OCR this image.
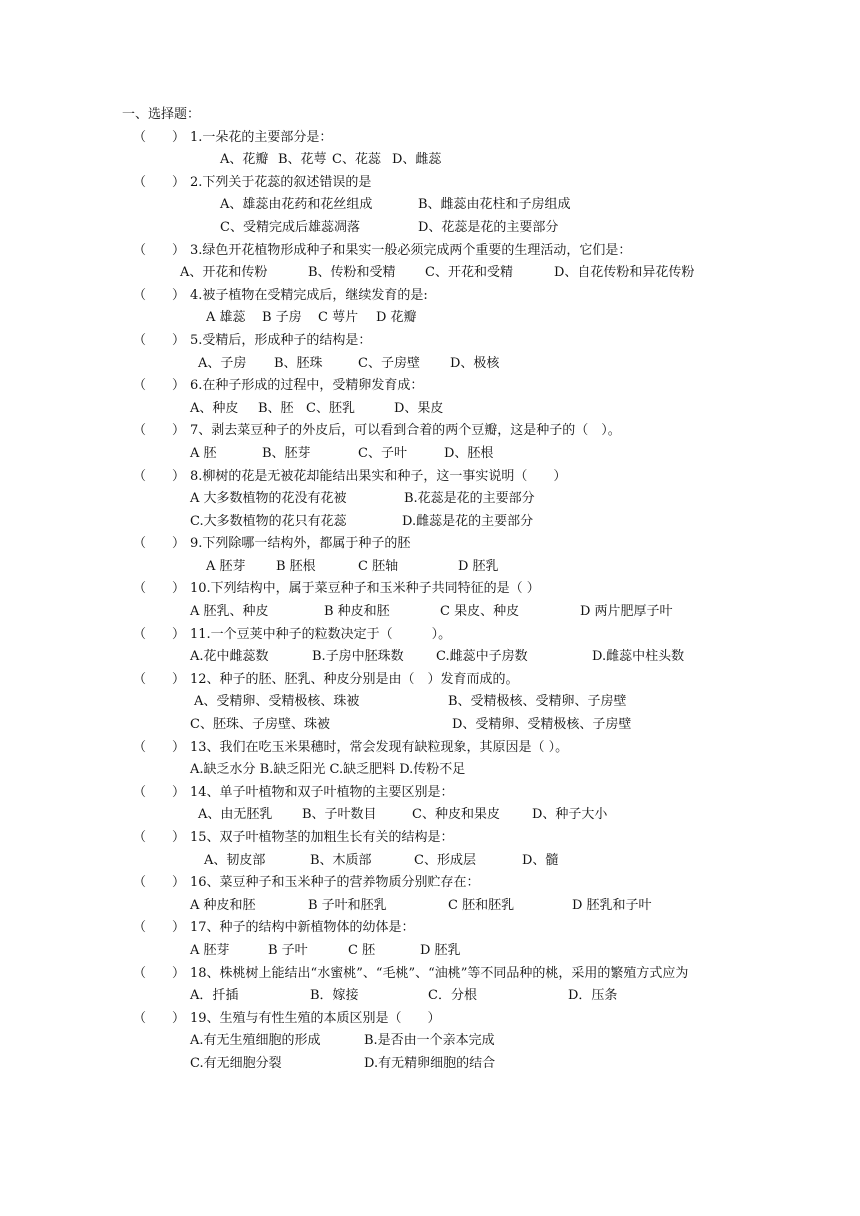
一、选择题：
（　　） 1.一朵花的主要部分是：
A、花瓣 B、花萼 C、花蕊 D、雌蕊
（　　） 2.下列关于花蕊的叙述错误的是
A、雄蕊由花药和花丝组成	B、雌蕊由花柱和子房组成
C、受精完成后雄蕊凋落	D、花蕊是花的主要部分
（　　） 3.绿色开花植物形成种子和果实一般必须完成两个重要的生理活动，它们是：
A、开花和传粉	B、传粉和受精 C、开花和受精	D、自花传粉和异花传粉
（　　） 4.被子植物在受精完成后，继续发育的是:
A 雄蕊 B 子房 C 萼片 D 花瓣
（　　） 5.受精后，形成种子的结构是：
A、子房 B、胚珠	C、子房壁 D、极核
（　　） 6.在种子形成的过程中，受精卵发育成：
A、种皮 B、胚 C、胚乳	D、果皮
（　　） 7、剥去菜豆种子的外皮后，可以看到合着的两个豆瓣，这是种子的（　）。
A 胚	B、胚芽	C、子叶	D、胚根
（　　） 8.柳树的花是无被花却能结出果实和种子，这一事实说明（　　）
A 大多数植物的花没有花被	B.花蕊是花的主要部分
C.大多数植物的花只有花蕊	D.雌蕊是花的主要部分
（　　） 9.下列除哪一结构外，都属于种子的胚
A 胚芽 B 胚根	C 胚轴	D 胚乳
（　　） 10.下列结构中，属于菜豆种子和玉米种子共同特征的是（ ）
A 胚乳、种皮	B 种皮和胚	C 果皮、种皮	D 两片肥厚子叶
（　　） 11.一个豆荚中种子的粒数决定于（　　　）。
A.花中雌蕊数	B.子房中胚珠数 C.雌蕊中子房数	D.雌蕊中柱头数
（　　） 12、种子的胚、胚乳、种皮分别是由（　）发育而成的。
A、受精卵、受精极核、珠被	B、受精极核、受精卵、子房壁
C、胚珠、子房壁、珠被	D、受精卵、受精极核、子房壁
（　　） 13、我们在吃玉米果穗时，常会发现有缺粒现象，其原因是（ ）。
A.缺乏水分 B.缺乏阳光 C.缺乏肥料 D.传粉不足
（　　） 14、单子叶植物和双子叶植物的主要区别是：
A、由无胚乳 B、子叶数目	C、种皮和果皮 D、种子大小
（　　） 15、双子叶植物茎的加粗生长有关的结构是：
A、韧皮部	B、木质部	C、形成层	D、髓
（　　） 16、菜豆种子和玉米种子的营养物质分别贮存在：
A 种皮和胚	B 子叶和胚乳	C 胚和胚乳	D 胚乳和子叶
（　　） 17、种子的结构中新植物体的幼体是：
A 胚芽	B 子叶	C 胚	D 胚乳
（　　） 18、株桃树上能结出“水蜜桃”、“毛桃”、“油桃”等不同品种的桃，采用的繁殖方式应为
A．扦插	B．嫁接	C．分根	D．压条
（　　） 19、生殖与有性生殖的本质区别是（　　）
A.有无生殖细胞的形成	B.是否由一个亲本完成
C.有无细胞分裂	D.有无精卵细胞的结合
